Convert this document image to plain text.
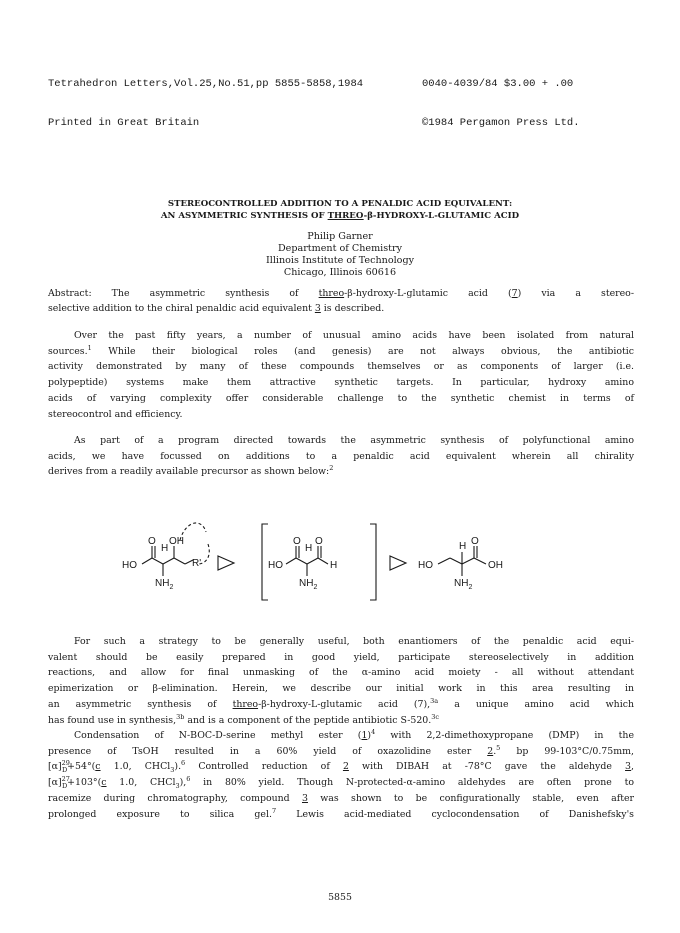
Tetrahedron Letters,Vol.25,No.51,pp 5855-5858,1984

Printed in Great Britain

0040-4039/84 $3.00 + .00

©1984 Pergamon Press Ltd.

STEREOCONTROLLED ADDITION TO A PENALDIC ACID EQUIVALENT:
AN ASYMMETRIC SYNTHESIS OF THREO-β-HYDROXY-L-GLUTAMIC ACID
Philip Garner
Department of Chemistry
Illinois Institute of Technology
Chicago, Illinois 60616
Abstract: The asymmetric synthesis of threo-β-hydroxy-L-glutamic acid (7) via a stereo-
selective addition to the chiral penaldic acid equivalent 3 is described.
Over the past fifty years, a number of unusual amino acids have been isolated from natural
sources.$^1$ While their biological roles (and genesis) are not always obvious, the antibiotic
activity demonstrated by many of these compounds themselves or as components of larger (i.e.
polypeptide) systems make them attractive synthetic targets. In particular, hydroxy amino
acids of varying complexity offer considerable challenge to the synthetic chemist in terms of
stereocontrol and efficiency.
As part of a program directed towards the asymmetric synthesis of polyfunctional amino
acids, we have focussed on additions to a penaldic acid equivalent wherein all chirality
derives from a readily available precursor as shown below:$^2$
HO
O
H
OH
R'
$NH_2$
HO
O
H
O
H
$NH_2$
HO
H O
OH
$NH_2$
For such a strategy to be generally useful, both enantiomers of the penaldic acid equi-
valent should be easily prepared in good yield, participate stereoselectively in addition
reactions, and allow for final unmasking of the α-amino acid moiety - all without attendant
epimerization or β-elimination. Herein, we describe our initial work in this area resulting in
an asymmetric synthesis of threo-β-hydroxy-L-glutamic acid (7),$^{3a}$ a unique amino acid which
has found use in synthesis,$^{3b}$ and is a component of the peptide antibiotic S-520.$^{3c}$
Condensation of N-BOC-D-serine methyl ester $(1)^4$ with 2,2-dimethoxypropane (DMP) in the
presence of TsOH resulted in a 60% yield of oxazolidine ester 2.$^5$ bp 99-103°C/0.75mm,
$[\alpha]^{29}_D+54^\circ(c$ 1.0, CHCl$_3$).$^6$ Controlled reduction of 2 with DIBAH at -78°C gave the aldehyde 3,
$[\alpha]^{27}_D+103^\circ(c$ 1.0, CHCl$_3$),$^6$ in 80% yield. Though N-protected-α-amino aldehydes are often prone to
racemize during chromatography, compound 3 was shown to be configurationally stable, even after
prolonged exposure to silica gel.$^7$ Lewis acid-mediated cyclocondensation of Danishefsky's
5855
